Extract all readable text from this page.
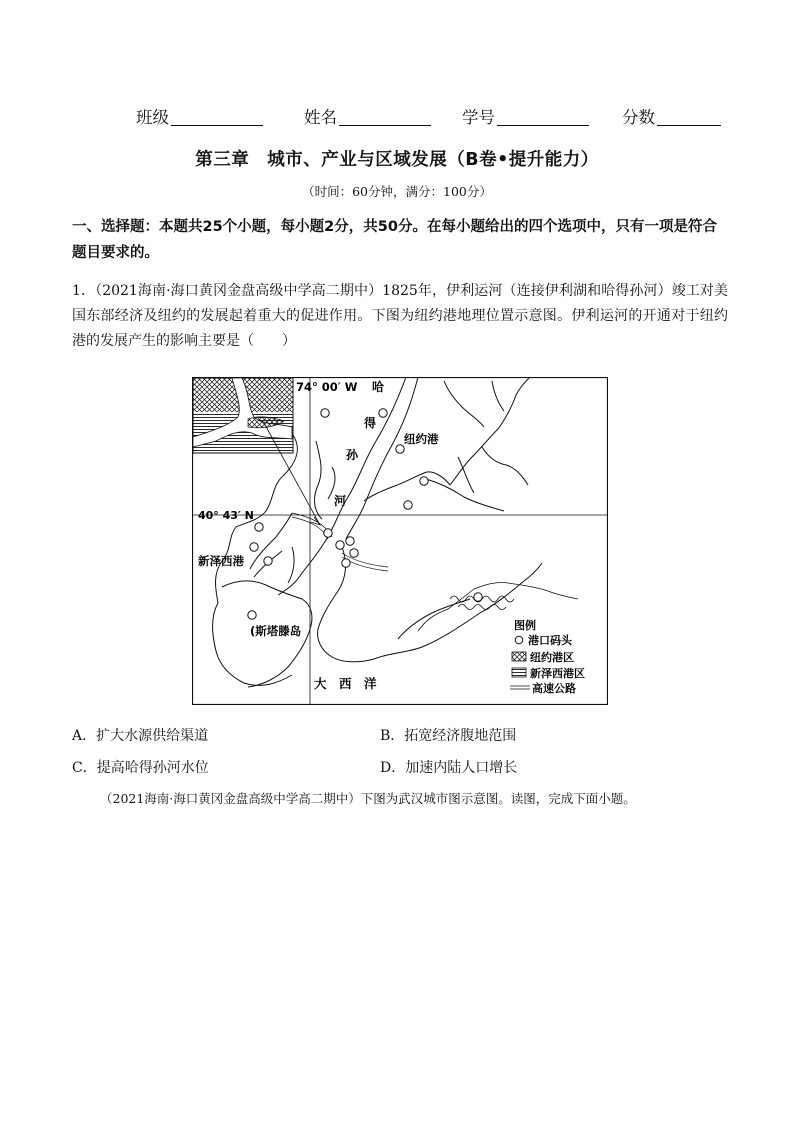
班级	姓名	学号	分数
第三章　城市、产业与区域发展（B卷•提升能力）
（时间：60分钟，满分：100分）
一、选择题：本题共25个小题，每小题2分，共50分。在每小题给出的四个选项中，只有一项是符合题目要求的。
1．（2021海南·海口黄冈金盘高级中学高二期中）1825年，伊利运河（连接伊利湖和哈得孙河）竣工对美国东部经济及纽约的发展起着重大的促进作用。下图为纽约港地理位置示意图。伊利运河的开通对于纽约港的发展产生的影响主要是（　　）
74° 00′ W 哈
得
孙
河
纽约港
40° 43′ N
新泽西港
(斯塔滕岛
大　西　洋
图例
港口码头
纽约港区
新泽西港区
高速公路
A．扩大水源供给渠道	B．拓宽经济腹地范围
C．提高哈得孙河水位	D．加速内陆人口增长
（2021海南·海口黄冈金盘高级中学高二期中）下图为武汉城市图示意图。读图，完成下面小题。
